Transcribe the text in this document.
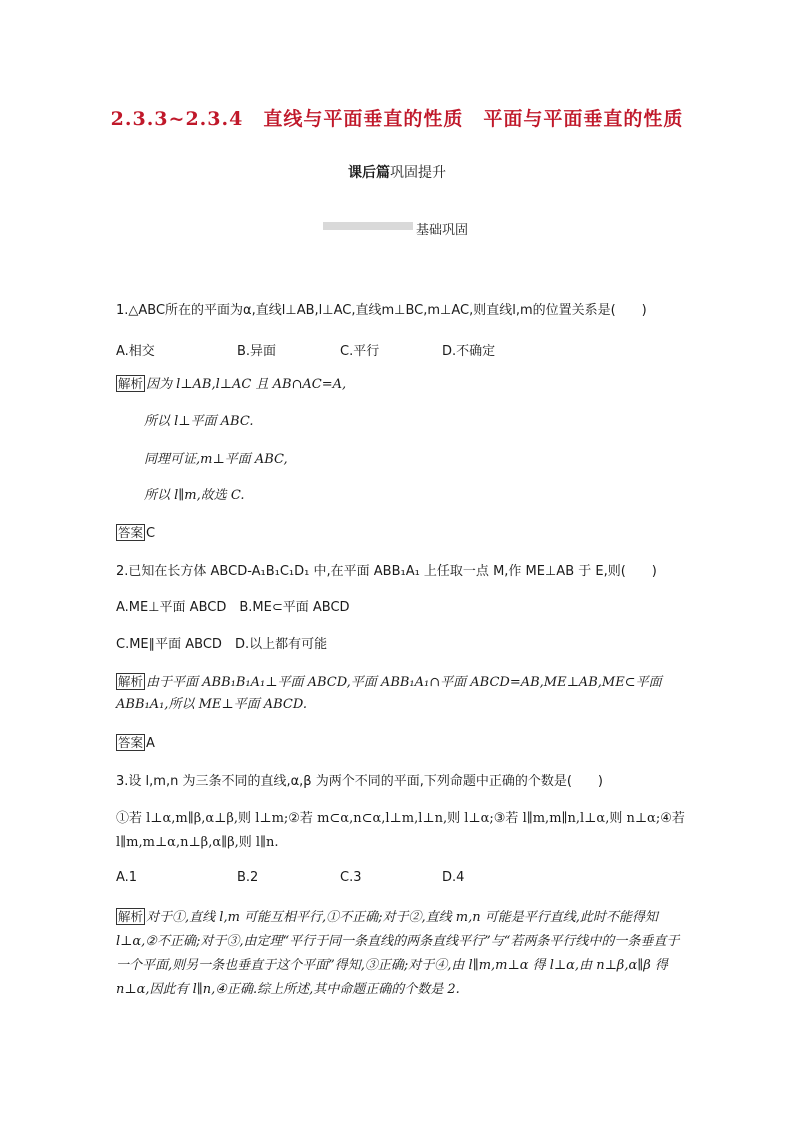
2.3.3~2.3.4　直线与平面垂直的性质　平面与平面垂直的性质
课后篇巩固提升
基础巩固
1.△ABC所在的平面为α,直线l⊥AB,l⊥AC,直线m⊥BC,m⊥AC,则直线l,m的位置关系是(　　)
A.相交	B.异面	C.平行	D.不确定
解析 因为 l⊥AB,l⊥AC 且 AB∩AC=A,
所以 l⊥平面 ABC.
同理可证,m⊥平面 ABC,
所以 l∥m,故选 C.
答案 C
2.已知在长方体 ABCD-A₁B₁C₁D₁ 中,在平面 ABB₁A₁ 上任取一点 M,作 ME⊥AB 于 E,则(　　)
A.ME⊥平面 ABCD　B.ME⊂平面 ABCD
C.ME∥平面 ABCD　D.以上都有可能
解析 由于平面 ABB₁B₁A₁⊥平面 ABCD,平面 ABB₁A₁∩平面 ABCD=AB,ME⊥AB,ME⊂平面 ABB₁A₁,所以 ME⊥平面 ABCD.
答案 A
3.设 l,m,n 为三条不同的直线,α,β 为两个不同的平面,下列命题中正确的个数是(　　)
①若 l⊥α,m∥β,α⊥β,则 l⊥m;②若 m⊂α,n⊂α,l⊥m,l⊥n,则 l⊥α;③若 l∥m,m∥n,l⊥α,则 n⊥α;④若 l∥m,m⊥α,n⊥β,α∥β,则 l∥n.
A.1	B.2	C.3	D.4
解析 对于①,直线 l,m 可能互相平行,①不正确;对于②,直线 m,n 可能是平行直线,此时不能得知 l⊥α,②不正确;对于③,由定理“平行于同一条直线的两条直线平行”与“若两条平行线中的一条垂直于一个平面,则另一条也垂直于这个平面”得知,③正确;对于④,由 l∥m,m⊥α 得 l⊥α,由 n⊥β,α∥β 得 n⊥α,因此有 l∥n,④正确.综上所述,其中命题正确的个数是 2.
